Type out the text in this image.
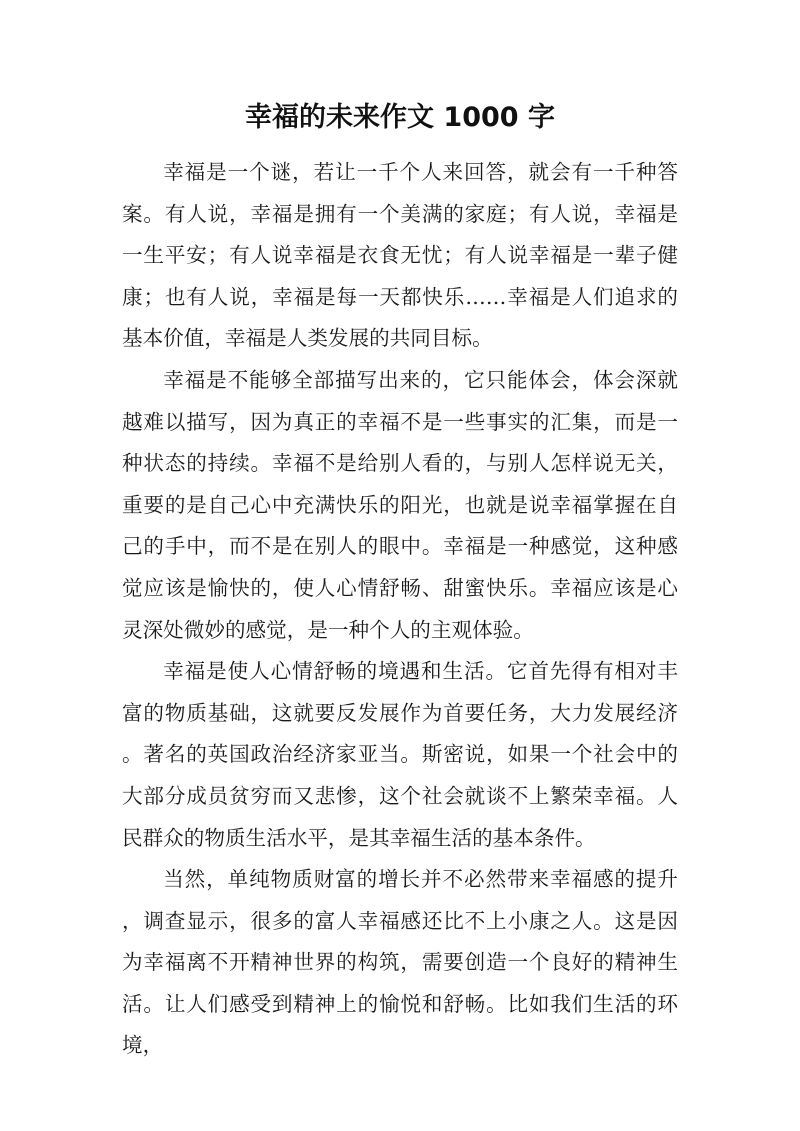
幸福的未来作文 1000 字

幸福是一个谜，若让一千个人来回答，就会有一千种答案。有人说，幸福是拥有一个美满的家庭；有人说，幸福是一生平安；有人说幸福是衣食无忧；有人说幸福是一辈子健康；也有人说，幸福是每一天都快乐……幸福是人们追求的基本价值，幸福是人类发展的共同目标。

幸福是不能够全部描写出来的，它只能体会，体会深就越难以描写，因为真正的幸福不是一些事实的汇集，而是一种状态的持续。幸福不是给别人看的，与别人怎样说无关，重要的是自己心中充满快乐的阳光，也就是说幸福掌握在自己的手中，而不是在别人的眼中。幸福是一种感觉，这种感觉应该是愉快的，使人心情舒畅、甜蜜快乐。幸福应该是心灵深处微妙的感觉，是一种个人的主观体验。

幸福是使人心情舒畅的境遇和生活。它首先得有相对丰富的物质基础，这就要反发展作为首要任务，大力发展经济。著名的英国政治经济家亚当。斯密说，如果一个社会中的大部分成员贫穷而又悲惨，这个社会就谈不上繁荣幸福。人民群众的物质生活水平，是其幸福生活的基本条件。

当然，单纯物质财富的增长并不必然带来幸福感的提升，调查显示，很多的富人幸福感还比不上小康之人。这是因为幸福离不开精神世界的构筑，需要创造一个良好的精神生活。让人们感受到精神上的愉悦和舒畅。比如我们生活的环境，
